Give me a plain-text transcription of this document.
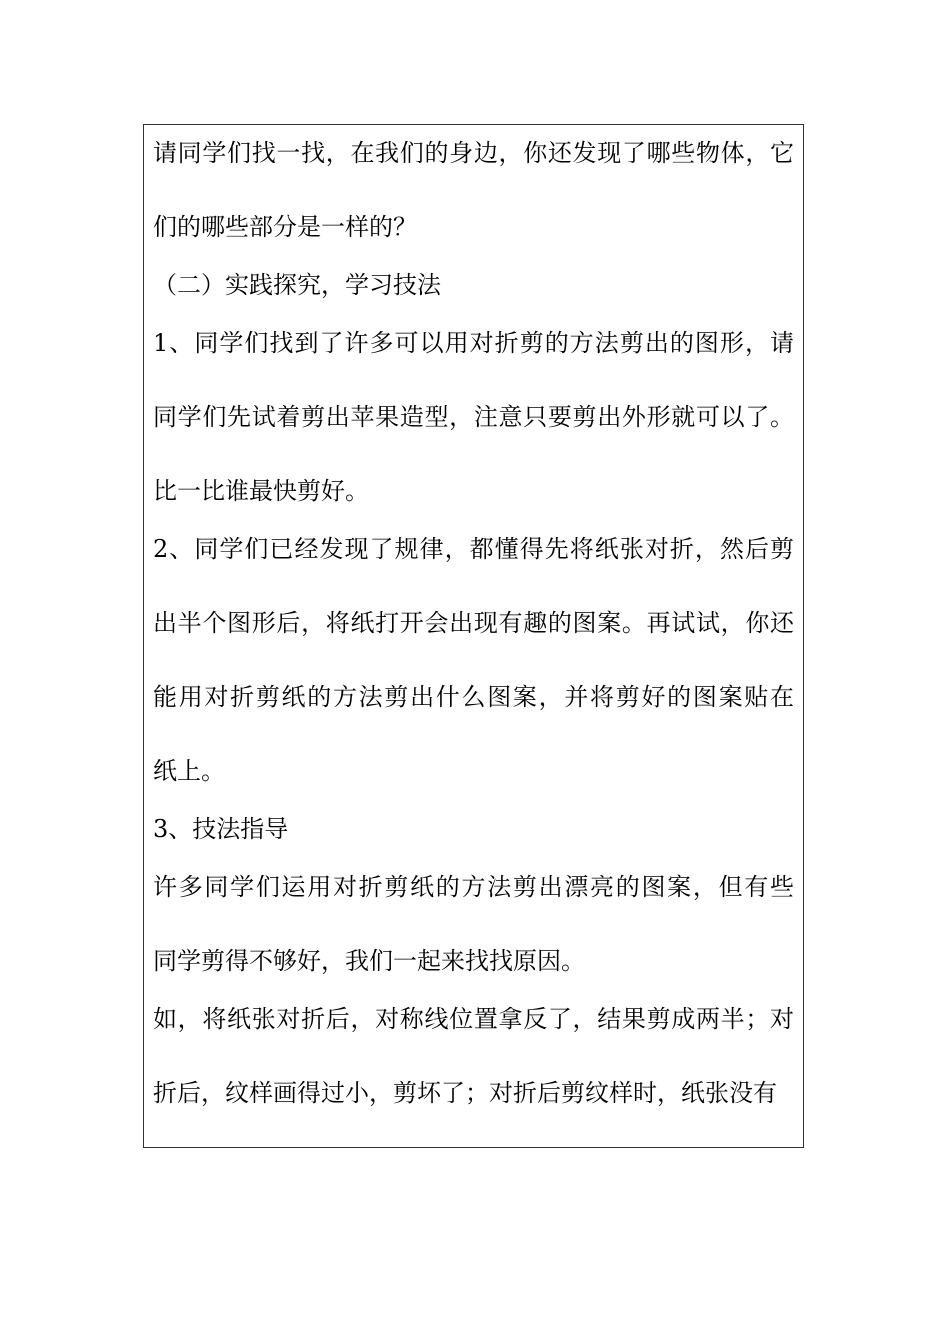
请同学们找一找，在我们的身边，你还发现了哪些物体，它
们的哪些部分是一样的？

（二）实践探究，学习技法

1、同学们找到了许多可以用对折剪的方法剪出的图形，请
同学们先试着剪出苹果造型，注意只要剪出外形就可以了。
比一比谁最快剪好。

2、同学们已经发现了规律，都懂得先将纸张对折，然后剪
出半个图形后，将纸打开会出现有趣的图案。再试试，你还
能用对折剪纸的方法剪出什么图案，并将剪好的图案贴在
纸上。

3、技法指导

许多同学们运用对折剪纸的方法剪出漂亮的图案，但有些
同学剪得不够好，我们一起来找找原因。

如，将纸张对折后，对称线位置拿反了，结果剪成两半；对
折后，纹样画得过小，剪坏了；对折后剪纹样时，纸张没有
